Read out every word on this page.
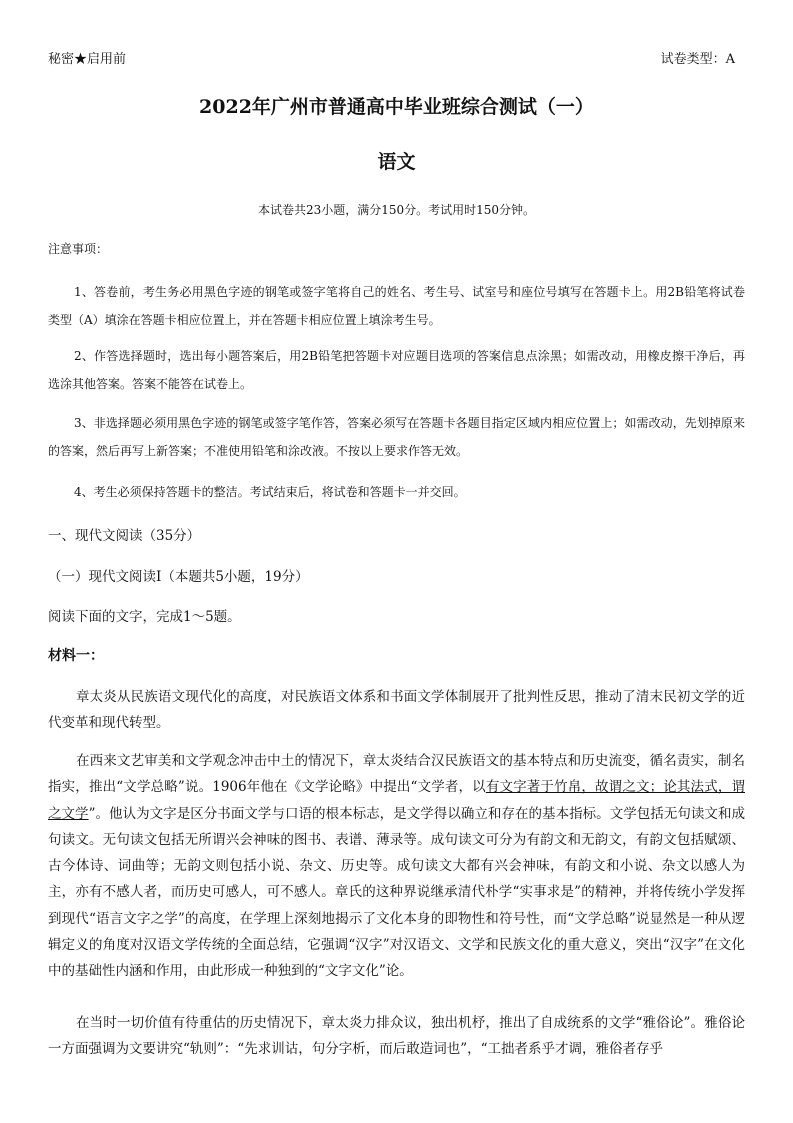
秘密★启用前	试卷类型：A
2022年广州市普通高中毕业班综合测试（一）
语文
本试卷共23小题，满分150分。考试用时150分钟。
注意事项：

1、答卷前，考生务必用黑色字迹的钢笔或签字笔将自己的姓名、考生号、试室号和座位号填写在答题卡上。用2B铅笔将试卷类型（A）填涂在答题卡相应位置上，并在答题卡相应位置上填涂考生号。

2、作答选择题时，选出每小题答案后，用2B铅笔把答题卡对应题目选项的答案信息点涂黑；如需改动，用橡皮擦干净后，再选涂其他答案。答案不能答在试卷上。

3、非选择题必须用黑色字迹的钢笔或签字笔作答，答案必须写在答题卡各题目指定区域内相应位置上；如需改动，先划掉原来的答案，然后再写上新答案；不准使用铅笔和涂改液。不按以上要求作答无效。

4、考生必须保持答题卡的整洁。考试结束后，将试卷和答题卡一并交回。

一、现代文阅读（35分）
（一）现代文阅读I（本题共5小题，19分）
阅读下面的文字，完成1～5题。
材料一：

章太炎从民族语文现代化的高度，对民族语文体系和书面文学体制展开了批判性反思，推动了清末民初文学的近代变革和现代转型。

在西来文艺审美和文学观念冲击中土的情况下，章太炎结合汉民族语文的基本特点和历史流变，循名责实，制名指实，推出“文学总略”说。1906年他在《文学论略》中提出“文学者，以有文字著于竹帛，故谓之文；论其法式，谓之文学”。他认为文字是区分书面文学与口语的根本标志，是文学得以确立和存在的基本指标。文学包括无句读文和成句读文。无句读文包括无所谓兴会神味的图书、表谱、薄录等。成句读文可分为有韵文和无韵文，有韵文包括赋颂、古今体诗、词曲等；无韵文则包括小说、杂文、历史等。成句读文大都有兴会神味，有韵文和小说、杂文以感人为主，亦有不感人者，而历史可感人，可不感人。章氏的这种界说继承清代朴学“实事求是”的精神，并将传统小学发挥到现代“语言文字之学”的高度，在学理上深刻地揭示了文化本身的即物性和符号性，而“文学总略”说显然是一种从逻辑定义的角度对汉语文学传统的全面总结，它强调“汉字”对汉语文、文学和民族文化的重大意义，突出“汉字”在文化中的基础性内涵和作用，由此形成一种独到的“文字文化”论。

在当时一切价值有待重估的历史情况下，章太炎力排众议，独出机杼，推出了自成统系的文学“雅俗论”。雅俗论一方面强调为文要讲究“轨则”：“先求训诂，句分字析，而后敢造词也”，“工拙者系乎才调，雅俗者存乎
